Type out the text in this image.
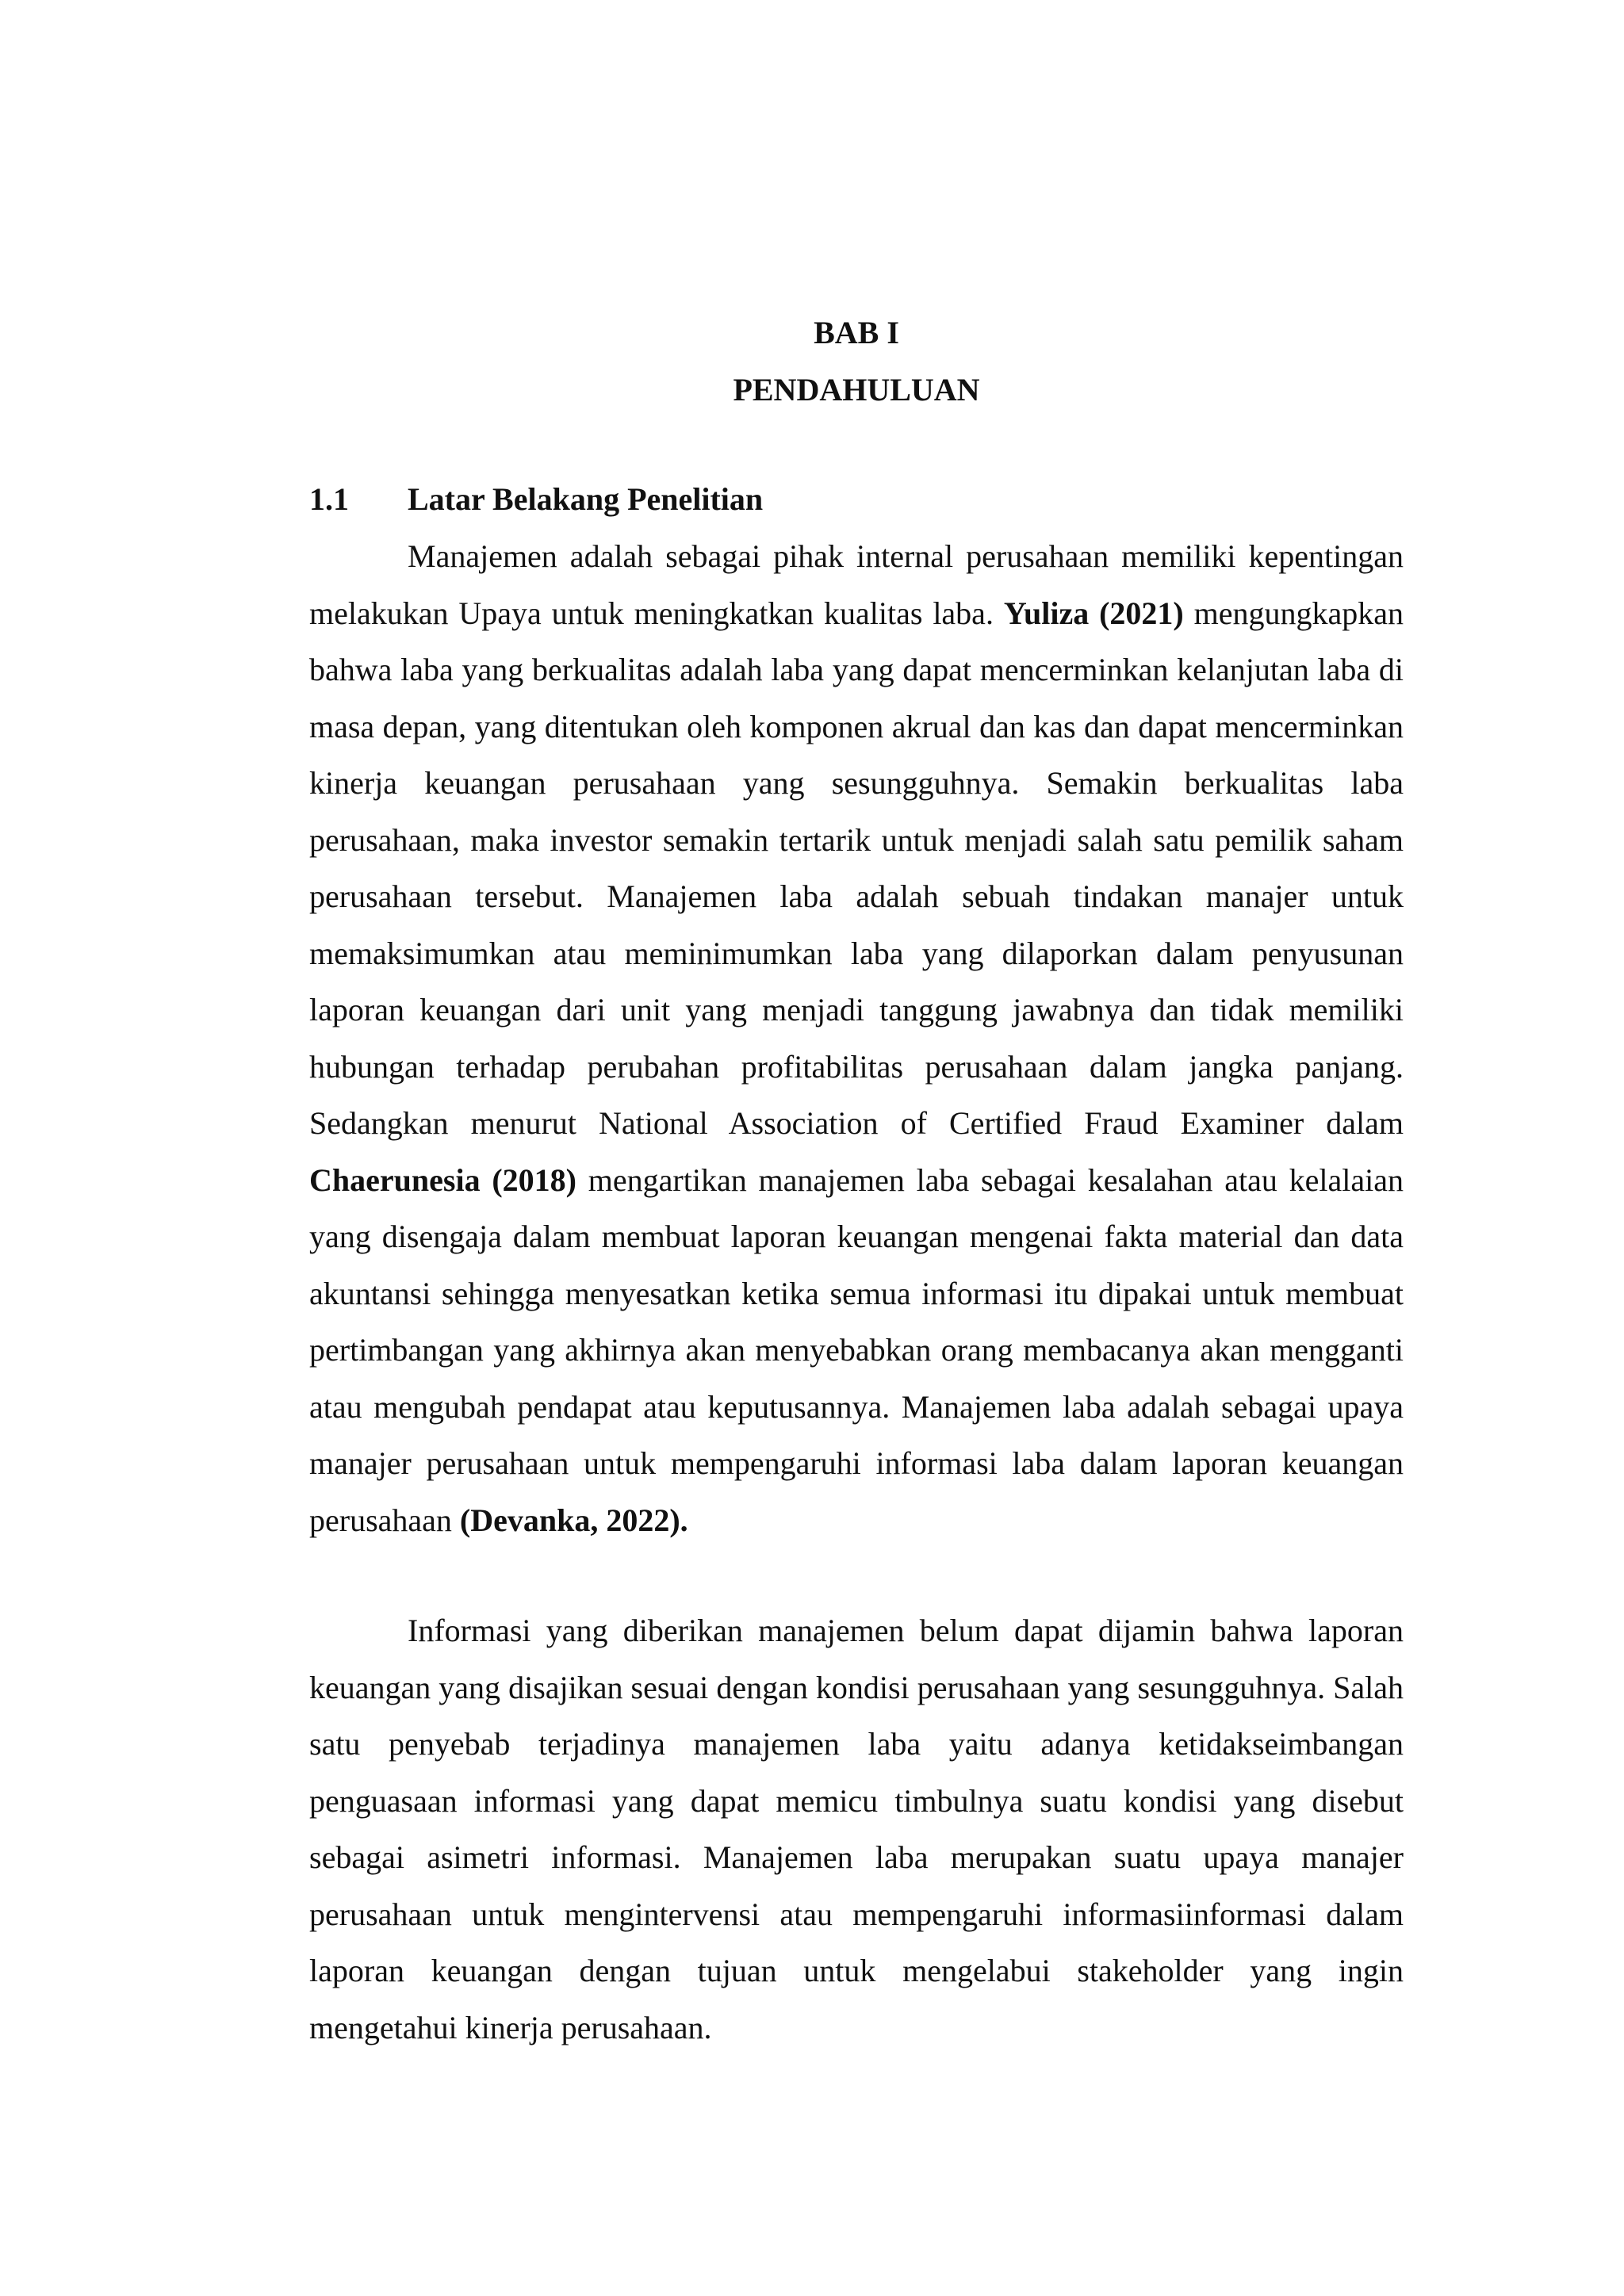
BAB I
PENDAHULUAN
1.1 Latar Belakang Penelitian

Manajemen adalah sebagai pihak internal perusahaan memiliki kepentingan melakukan Upaya untuk meningkatkan kualitas laba. Yuliza (2021) mengungkapkan bahwa laba yang berkualitas adalah laba yang dapat mencerminkan kelanjutan laba di masa depan, yang ditentukan oleh komponen akrual dan kas dan dapat mencerminkan kinerja keuangan perusahaan yang sesungguhnya. Semakin berkualitas laba perusahaan, maka investor semakin tertarik untuk menjadi salah satu pemilik saham perusahaan tersebut. Manajemen laba adalah sebuah tindakan manajer untuk memaksimumkan atau meminimumkan laba yang dilaporkan dalam penyusunan laporan keuangan dari unit yang menjadi tanggung jawabnya dan tidak memiliki hubungan terhadap perubahan profitabilitas perusahaan dalam jangka panjang. Sedangkan menurut National Association of Certified Fraud Examiner dalam Chaerunesia (2018) mengartikan manajemen laba sebagai kesalahan atau kelalaian yang disengaja dalam membuat laporan keuangan mengenai fakta material dan data akuntansi sehingga menyesatkan ketika semua informasi itu dipakai untuk membuat pertimbangan yang akhirnya akan menyebabkan orang membacanya akan mengganti atau mengubah pendapat atau keputusannya. Manajemen laba adalah sebagai upaya manajer perusahaan untuk mempengaruhi informasi laba dalam laporan keuangan perusahaan (Devanka, 2022).

Informasi yang diberikan manajemen belum dapat dijamin bahwa laporan keuangan yang disajikan sesuai dengan kondisi perusahaan yang sesungguhnya. Salah satu penyebab terjadinya manajemen laba yaitu adanya ketidakseimbangan penguasaan informasi yang dapat memicu timbulnya suatu kondisi yang disebut sebagai asimetri informasi. Manajemen laba merupakan suatu upaya manajer perusahaan untuk mengintervensi atau mempengaruhi informasiinformasi dalam laporan keuangan dengan tujuan untuk mengelabui stakeholder yang ingin mengetahui kinerja perusahaan.
